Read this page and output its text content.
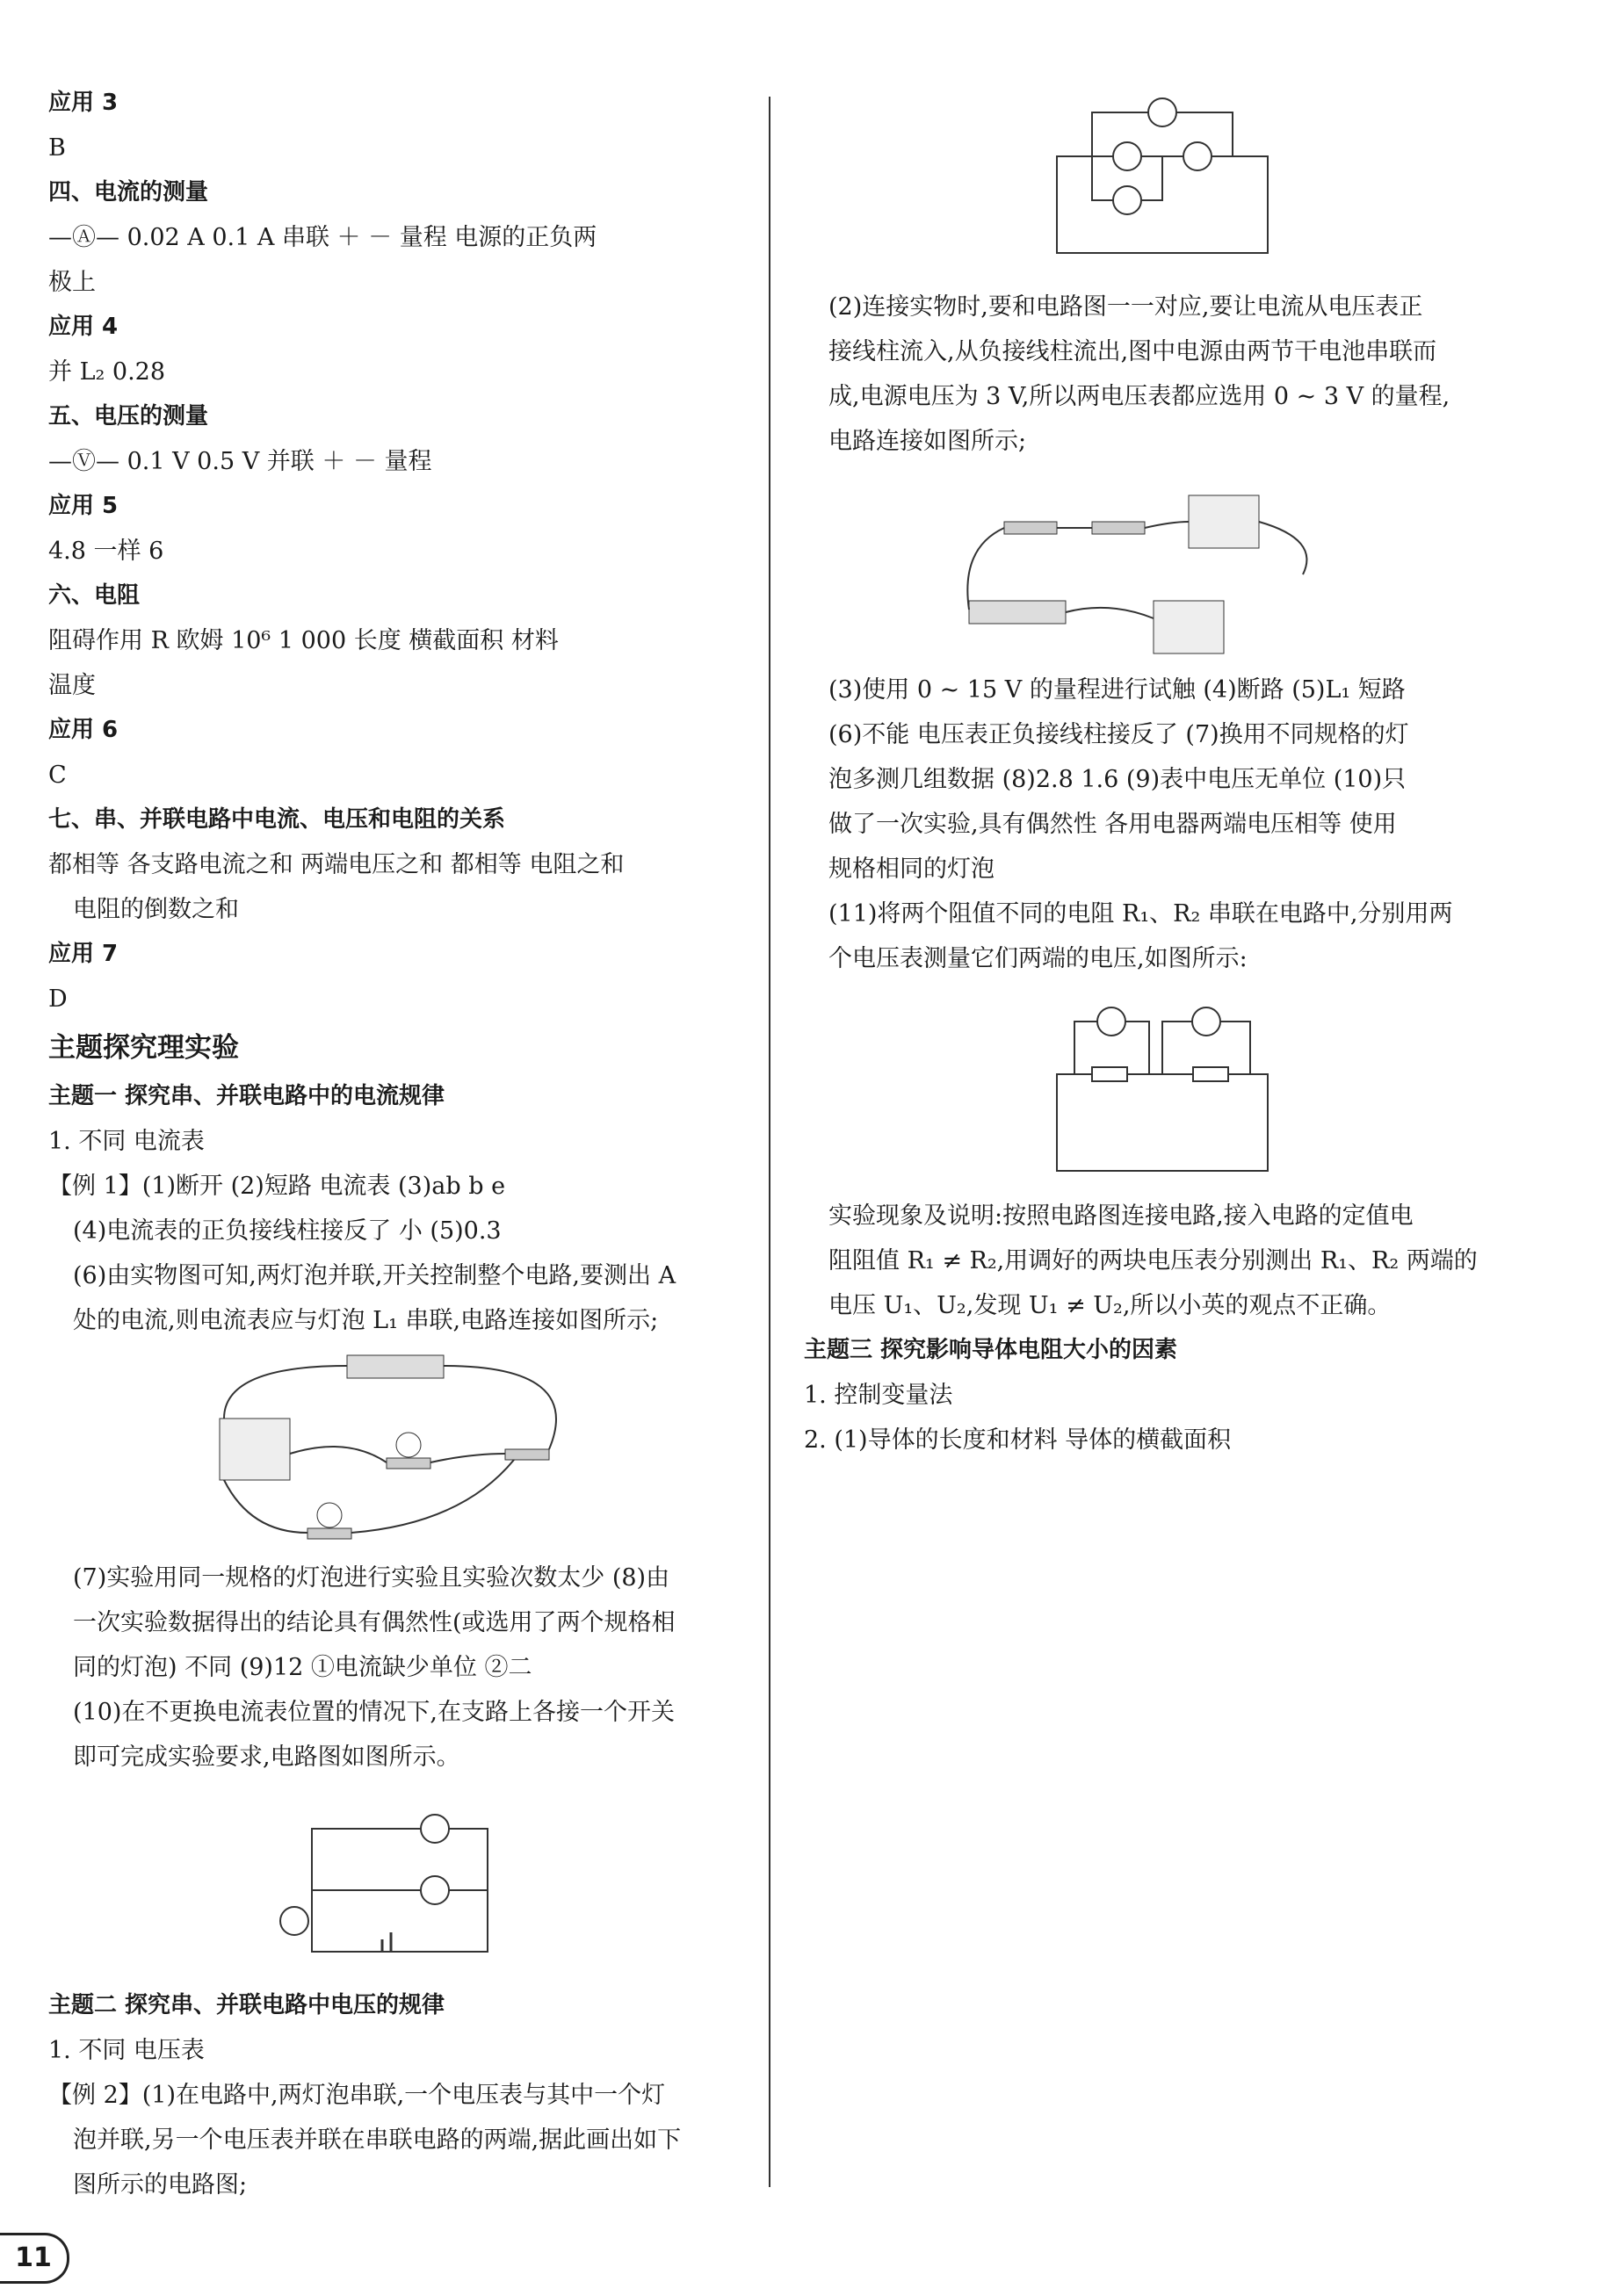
应用 3
B
四、电流的测量
—Ⓐ— 0.02 A 0.1 A 串联 ＋ － 量程 电源的正负两
极上
应用 4
并 L₂ 0.28
五、电压的测量
—Ⓥ— 0.1 V 0.5 V 并联 ＋ － 量程
应用 5
4.8 一样 6
六、电阻
阻碍作用 R 欧姆 10⁶ 1 000 长度 横截面积 材料
温度
应用 6
C
七、串、并联电路中电流、电压和电阻的关系
都相等 各支路电流之和 两端电压之和 都相等 电阻之和
电阻的倒数之和
应用 7
D
主题探究理实验
主题一 探究串、并联电路中的电流规律
1. 不同 电流表
【例 1】(1)断开 (2)短路 电流表 (3)ab b e
(4)电流表的正负接线柱接反了 小 (5)0.3
(6)由实物图可知,两灯泡并联,开关控制整个电路,要测出 A
处的电流,则电流表应与灯泡 L₁ 串联,电路连接如图所示;
(7)实验用同一规格的灯泡进行实验且实验次数太少 (8)由
一次实验数据得出的结论具有偶然性(或选用了两个规格相
同的灯泡) 不同 (9)12 ①电流缺少单位 ②二
(10)在不更换电流表位置的情况下,在支路上各接一个开关
即可完成实验要求,电路图如图所示。
主题二 探究串、并联电路中电压的规律
1. 不同 电压表
【例 2】(1)在电路中,两灯泡串联,一个电压表与其中一个灯
泡并联,另一个电压表并联在串联电路的两端,据此画出如下
图所示的电路图;
(2)连接实物时,要和电路图一一对应,要让电流从电压表正
接线柱流入,从负接线柱流出,图中电源由两节干电池串联而
成,电源电压为 3 V,所以两电压表都应选用 0 ~ 3 V 的量程,
电路连接如图所示;
(3)使用 0 ~ 15 V 的量程进行试触 (4)断路 (5)L₁ 短路
(6)不能 电压表正负接线柱接反了 (7)换用不同规格的灯
泡多测几组数据 (8)2.8 1.6 (9)表中电压无单位 (10)只
做了一次实验,具有偶然性 各用电器两端电压相等 使用
规格相同的灯泡
(11)将两个阻值不同的电阻 R₁、R₂ 串联在电路中,分别用两
个电压表测量它们两端的电压,如图所示:
实验现象及说明:按照电路图连接电路,接入电路的定值电
阻阻值 R₁ ≠ R₂,用调好的两块电压表分别测出 R₁、R₂ 两端的
电压 U₁、U₂,发现 U₁ ≠ U₂,所以小英的观点不正确。
主题三 探究影响导体电阻大小的因素
1. 控制变量法
2. (1)导体的长度和材料 导体的横截面积
11
